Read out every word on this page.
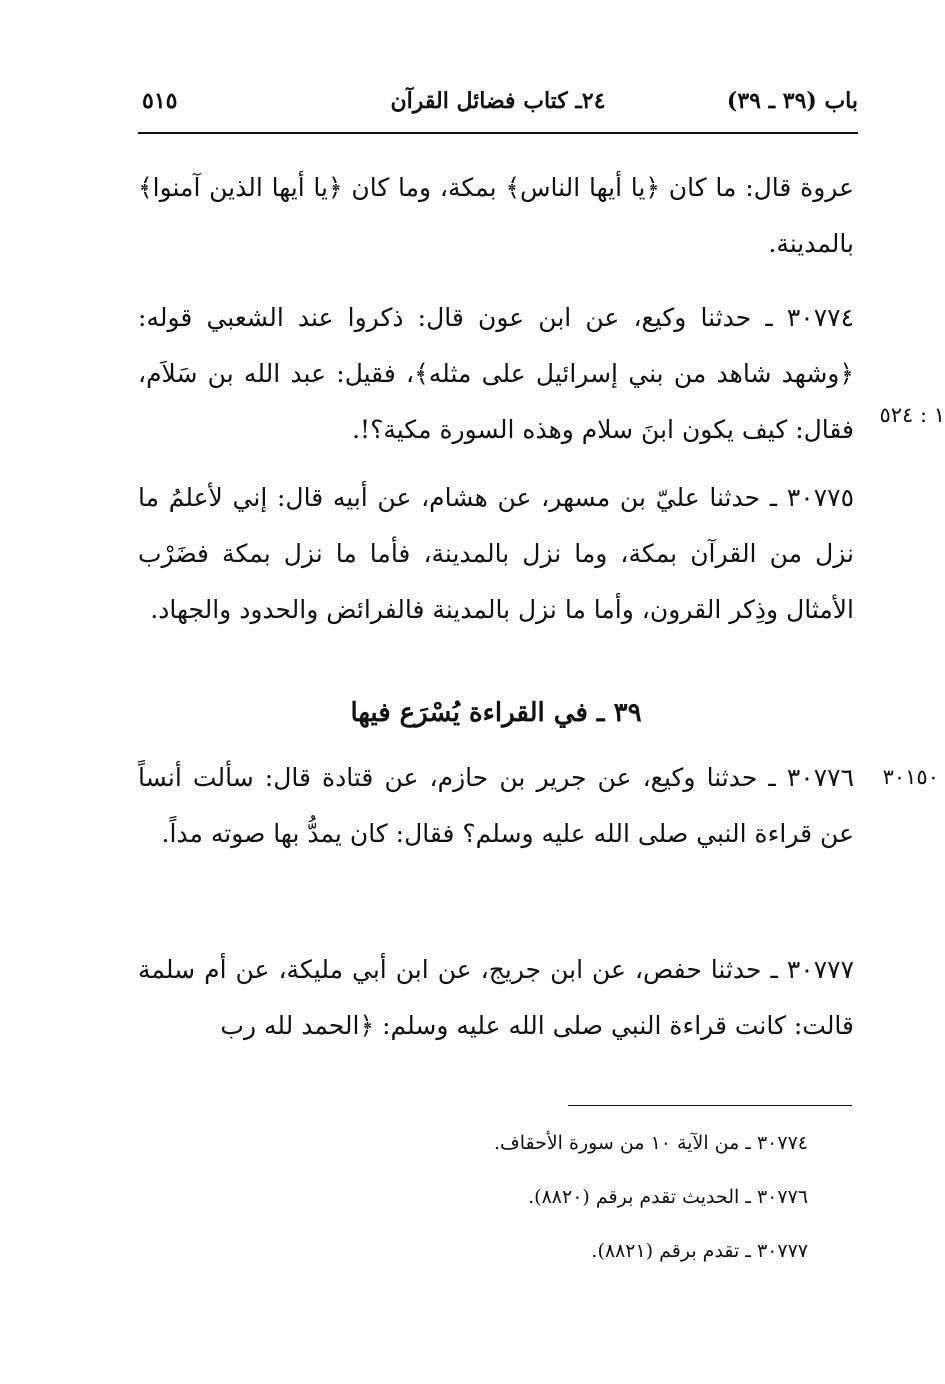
٥١٥	٢٤ـ كتاب فضائل القرآن	باب (٣٩ ـ ٣٩)
عروة قال: ما كان ﴿يا أيها الناس﴾ بمكة، وما كان ﴿يا أيها الذين آمنوا﴾ بالمدينة.
٣٠٧٧٤ ـ حدثنا وكيع، عن ابن عون قال: ذكروا عند الشعبي قوله: ﴿وشهد شاهد من بني إسرائيل على مثله﴾، فقيل: عبد الله بن سَلاَم، فقال: كيف يكون ابنَ سلام وهذه السورة مكية؟!. ١ : ٥٢٤
٣٠٧٧٥ ـ حدثنا عليّ بن مسهر، عن هشام، عن أبيه قال: إني لأعلمُ ما نزل من القرآن بمكة، وما نزل بالمدينة، فأما ما نزل بمكة فضَرْب الأمثال وذِكر القرون، وأما ما نزل بالمدينة فالفرائض والحدود والجهاد.
٣٩ ـ في القراءة يُسْرَع فيها
٣٠٧٧٦ ـ حدثنا وكيع، عن جرير بن حازم، عن قتادة قال: سألت أنساً عن قراءة النبي صلى الله عليه وسلم؟ فقال: كان يمدُّ بها صوته مداً.
٣٠١٥٠
٣٠٧٧٧ ـ حدثنا حفص، عن ابن جريج، عن ابن أبي مليكة، عن أم سلمة قالت: كانت قراءة النبي صلى الله عليه وسلم: ﴿الحمد لله رب
٣٠٧٧٤ ـ من الآية ١٠ من سورة الأحقاف.
٣٠٧٧٦ ـ الحديث تقدم برقم (٨٨٢٠).
٣٠٧٧٧ ـ تقدم برقم (٨٨٢١).
